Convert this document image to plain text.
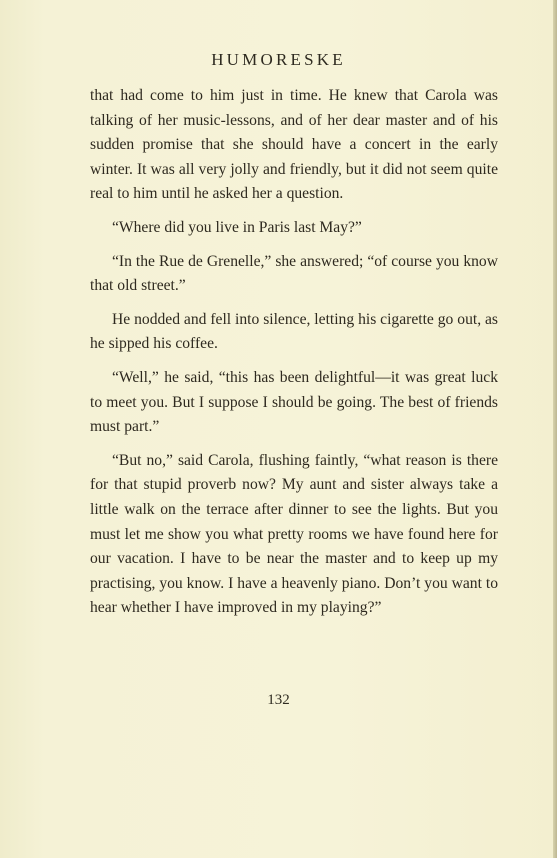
HUMORESKE

that had come to him just in time. He knew that Carola was talking of her music-lessons, and of her dear master and of his sudden promise that she should have a concert in the early winter. It was all very jolly and friendly, but it did not seem quite real to him until he asked her a question.

“Where did you live in Paris last May?”

“In the Rue de Grenelle,” she answered; “of course you know that old street.”

He nodded and fell into silence, letting his cigarette go out, as he sipped his coffee.

“Well,” he said, “this has been delightful—it was great luck to meet you. But I suppose I should be going. The best of friends must part.”

“But no,” said Carola, flushing faintly, “what reason is there for that stupid proverb now? My aunt and sister always take a little walk on the terrace after dinner to see the lights. But you must let me show you what pretty rooms we have found here for our vacation. I have to be near the master and to keep up my practising, you know. I have a heavenly piano. Don’t you want to hear whether I have improved in my playing?”

132
